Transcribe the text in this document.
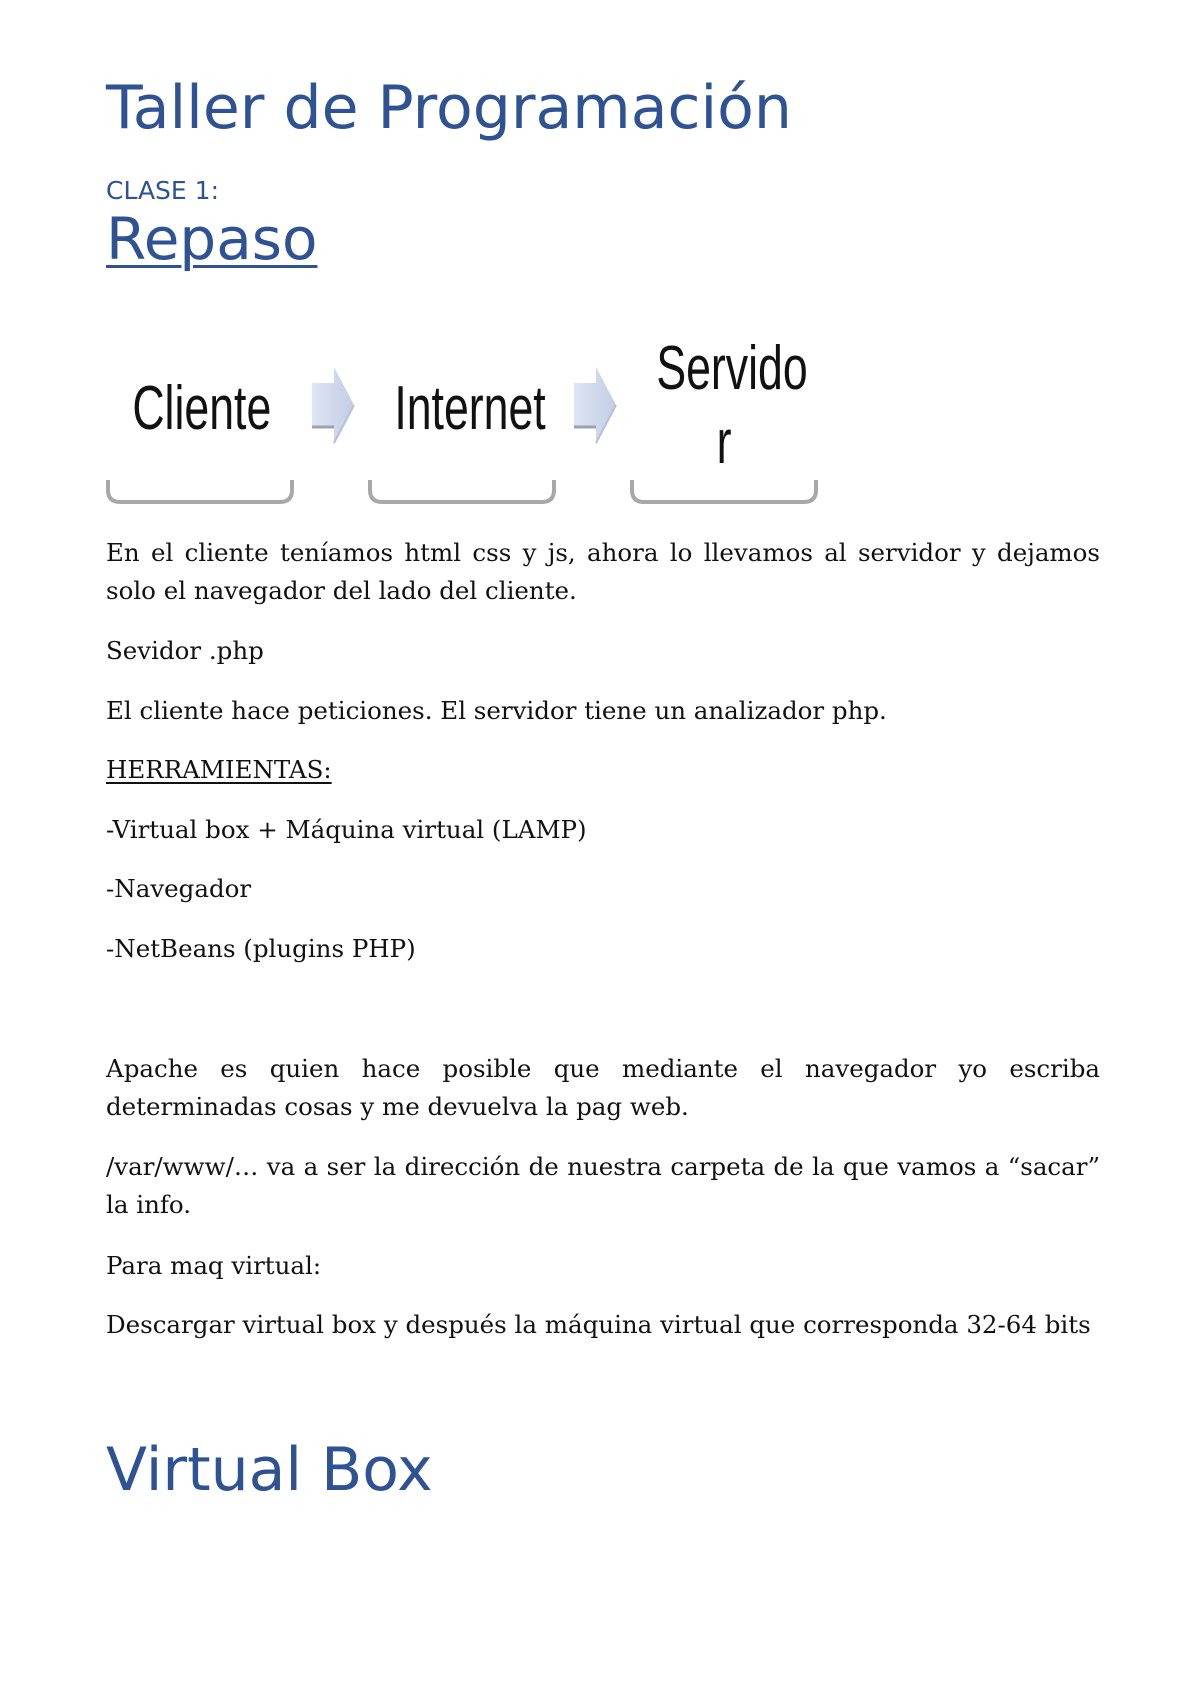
Taller de Programación
CLASE 1:
Repaso
Cliente Internet
Servido
r

En el cliente teníamos html css y js, ahora lo llevamos al servidor y dejamos solo el navegador del lado del cliente.

Sevidor .php

El cliente hace peticiones. El servidor tiene un analizador php.

HERRAMIENTAS:

-Virtual box + Máquina virtual (LAMP)

-Navegador

-NetBeans (plugins PHP)

Apache es quien hace posible que mediante el navegador yo escriba determinadas cosas y me devuelva la pag web.

/var/www/… va a ser la dirección de nuestra carpeta de la que vamos a “sacar” la info.

Para maq virtual:

Descargar virtual box y después la máquina virtual que corresponda 32-64 bits

Virtual Box
